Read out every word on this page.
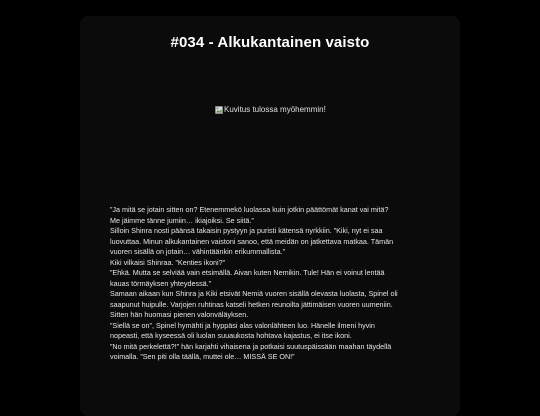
#034 - Alkukantainen vaisto
Kuvitus tulossa myöhemmin!

”Ja mitä se jotain sitten on? Etenemmekö luolassa kuin jotkin päättömät kanat vai mitä?
Me jäimme tänne jumiin… ikiajoiksi. Se siitä.”

Silloin Shinra nosti päänsä takaisin pystyyn ja puristi kätensä nyrkkiin. ”Kiki, nyt ei saa
luovuttaa. Minun alkukantainen vaistoni sanoo, että meidän on jatkettava matkaa. Tämän
vuoren sisällä on jotain… vähintäänkin erikummallista.”

Kiki vilkaisi Shinraa. ”Kenties ikoni?”

”Ehkä. Mutta se selviää vain etsimällä. Aivan kuten Nemikin. Tule! Hän ei voinut lentää
kauas törmäyksen yhteydessä.”

Samaan aikaan kun Shinra ja Kiki etsivät Nemiä vuoren sisällä olevasta luolasta, Spinel oli
saapunut huipulle. Varjojen ruhtinas katseli hetken reunoilta jättimäisen vuoren uumeniin.
Sitten hän huomasi pienen valonväläyksen.

”Siellä se on”, Spinel hymähti ja hyppäsi alas valonlähteen luo. Hänelle ilmeni hyvin
nopeasti, että kyseessä oli luolan suuaukosta hohtava kajastus, ei itse ikoni.

”No mitä perkelettä?!” hän karjahti vihaisena ja potkaisi suutuspäissään maahan täydellä
voimalla. ”Sen piti olla täällä, muttei ole… MISSÄ SE ON!”
